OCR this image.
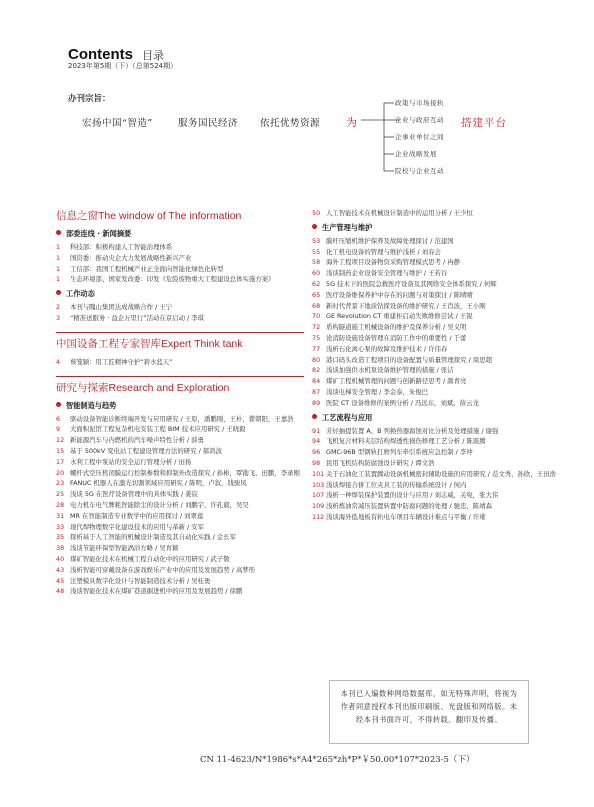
Contents 目录
2023年第5期（下）（总第524期）
办刊宗旨：
宏扬中国“智造”	服务国民经济 依托优势资源 为
政策与市场接轨
企业与政府互动
企事业单位之间
企业战略发展
院校与企业互动
搭建平台
信息之窗The window of The information
部委连线 · 新闻摘要
1	科技部：积极构建人工智能治理体系
1	国资委：推动央企大力发展战略性新兴产业
1	工信部：我国工程机械产业正全面向智能化绿色化转型
1	生态环境部、国家发改委：印发《危险废物重大工程建设总体实施方案》
工作动态
2	本刊与隗山集团达成战略合作 / 王宁
3	“精准送服务 · 益企万里行”活动在京启动 / 李琪
中国设备工程专家智库Expert Think tank
4	蔡笼颖：用工匠精神守护“碧水蓝天”
研究与探索Research and Exploration
智能制造与趋势
6	驱动设备智能诊断终端开发与应用研究 / 王原，潘鹏刚，王朴，瞿朝阳，王嘉浩
9	大面积泥馆工程复杂机电安装工程 BIM 技术应用研究 / 王晓毅
12 新能源汽车与内燃机的汽车噪声特性分析 / 薛勇
15 基于 500kV 变电站工程建设管理方法的研究 / 郝鸿波
17 水利工程中泵站的安全运行管理分析 / 田扬
20 螺杆式空压机闭膜运行控制参数和抑制外改造探究 / 孙彬，覃勖飞，田鹏，李录刚
23 FANUC 机器人在激光切割领域应用研究 / 陈明，卢叙，钱骏凤
25 浅谈 5G 在医疗设备管理中的具体实践 / 姜宸
28 电力机车电气牌耗智能除尘的设计分析 / 刘鹏宇，许孔毅，吴昊
31 MR 在智能制造专业数学中的应用探讨 / 刘翠莲
33 现代焊物理数字化建设技术的应用与革新 / 安军
35 探析基于人工智能的机械设计制造及其自动化实践 / 金长军
38 浅谈节能环保型智能涡浴方略 / 吴育颖
40 煤矿智能化技术在机械工程自动化中的应用研究 / 武子敬
43 浅析智能可穿戴设备在游戏娱乐产业中的应用及发展趋势 / 高梦彤
45 注塑模具数字化设计与智能制造技术分析 / 吴桂勇
48 浅谈智能化技术在煤矿巷道掘进机中的应用及发展趋势 / 徐鹏
50 人工智能技术在机械设计制造中的运用分析 / 王少恒
生产管理与维护
53 膜杆压缩机维护保养及故障处理探讨 / 范建国
55 化工机电设备的管理与维护浅析 / 刘春会
58 海外工程项目设备物资采购管理模式思考 / 冉静
60 浅谈制药企业设备安全管理与维护 / 王若谷
62 5G 技术下的医院急救医疗设备及其网络安全体系探究 / 何辉
65 医疗设备维保养护中存在的问题与对策探讨 / 陈晴晴
68 新时代背景下地质钻探设备的维护研究 / 王肖波，王小刚
70 GE Revolution CT 重建柜启动失败维修尝试 / 王锐
72 盾构隧道施工机械设备的维护及保养分析 / 吴义明
75 论消防设施设备管理在消防工作中的重要性 / 于蕾
77 浅析石化离心泵的故障及维护技术 / 许伟春
80 港口码头改造工程项目的设备配置与质量管理探究 / 周思超
82 浅谈加强供水机泵设备维护管理的措施 / 张洁
84 煤矿工程机械管理的问题与创新路径思考 / 颜青亮
87 浅谈电梯安全管理 / 李金泰，朱俊巴
89 医院 CT 设备维修的案例分析 / 冯远东，刘斌，薛云龙
工艺流程与应用
91 芳烃抽提装置 A、B 列换热器腐蚀对比分析及处理措施 / 谢强
94 飞机复合材料夹层结构焊透性损伤修理工艺分析 / 陈震腾
96 GMC-96B 型钢轨打磨列车牵引系统应急控制 / 李冲
98 民用飞机结构防腐蚀设计研究 / 谭文浩
101 关于石油化工装置腾动设备机械密封辅助设施的应用研究 / 范文秀，孙欣，王田浩
103 浅谈焊接合拼工位夹具工装的传输系统设计 / 何内
107 浅析一种焊装保护装置的设计与应用 / 刘志威，关宛，张大伟
109 浅析炼油常减压装置转置中防腐问题的处理 / 驰忠，陈靖森
112 浅谈海外低地板有轨电车项目车辆设计难点与平衡 / 许璀
本刊已入编数种网络数据库，如无特殊声明，将视为作者同意授权本刊出版印刷版、光盘版和网络版。未经本刊书面许可，不得转载、翻印及传播。
CN 11-4623/N*1986*s*A4*265*zh*P*￥50.00*107*2023-5（下）
